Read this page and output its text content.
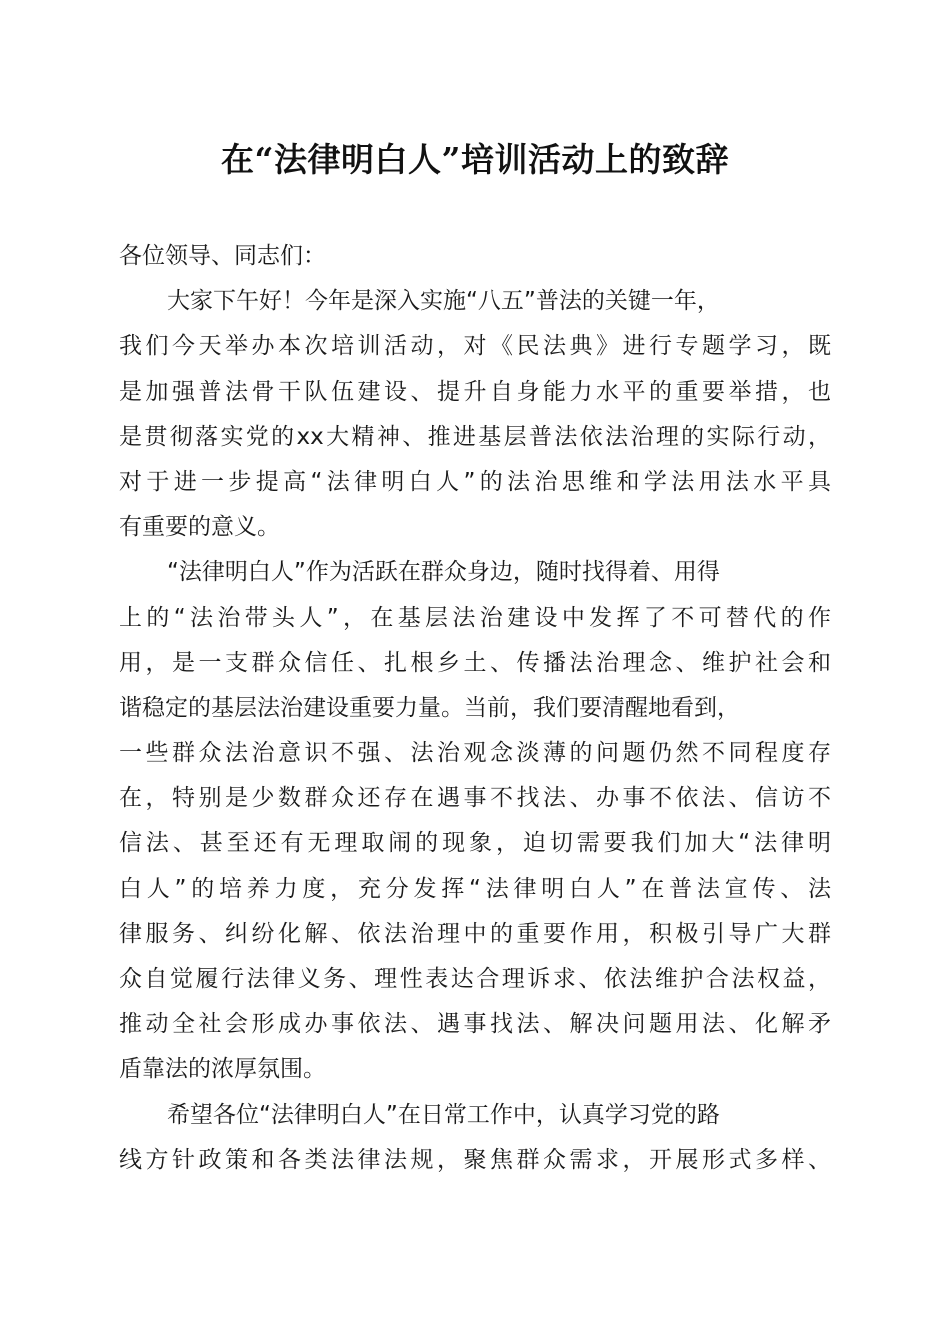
在“法律明白人”培训活动上的致辞
各位领导、同志们：
大家下午好！今年是深入实施“八五”普法的关键一年，
我们今天举办本次培训活动，对《民法典》进行专题学习，既
是加强普法骨干队伍建设、提升自身能力水平的重要举措，也
是贯彻落实党的xx大精神、推进基层普法依法治理的实际行动，
对于进一步提高“法律明白人”的法治思维和学法用法水平具
有重要的意义。
“法律明白人”作为活跃在群众身边，随时找得着、用得
上的“法治带头人”，在基层法治建设中发挥了不可替代的作
用，是一支群众信任、扎根乡土、传播法治理念、维护社会和
谐稳定的基层法治建设重要力量。当前，我们要清醒地看到，
一些群众法治意识不强、法治观念淡薄的问题仍然不同程度存
在，特别是少数群众还存在遇事不找法、办事不依法、信访不
信法、甚至还有无理取闹的现象，迫切需要我们加大“法律明
白人”的培养力度，充分发挥“法律明白人”在普法宣传、法
律服务、纠纷化解、依法治理中的重要作用，积极引导广大群
众自觉履行法律义务、理性表达合理诉求、依法维护合法权益，
推动全社会形成办事依法、遇事找法、解决问题用法、化解矛
盾靠法的浓厚氛围。
希望各位“法律明白人”在日常工作中，认真学习党的路
线方针政策和各类法律法规，聚焦群众需求，开展形式多样、
